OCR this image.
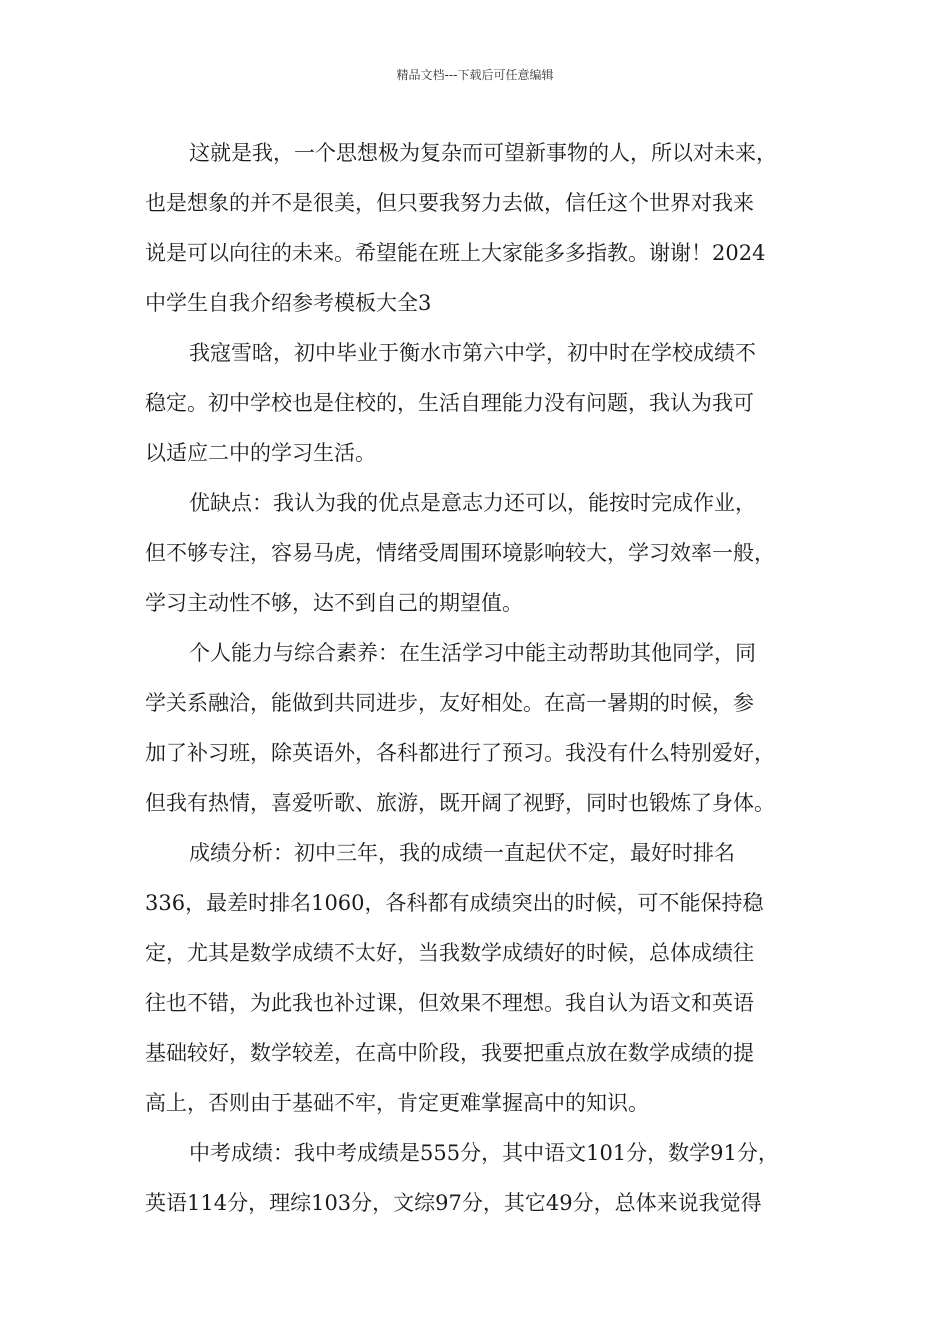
精品文档---下载后可任意编辑
这就是我，一个思想极为复杂而可望新事物的人，所以对未来，
也是想象的并不是很美，但只要我努力去做，信任这个世界对我来
说是可以向往的未来。希望能在班上大家能多多指教。谢谢！2024
中学生自我介绍参考模板大全3
我寇雪晗，初中毕业于衡水市第六中学，初中时在学校成绩不
稳定。初中学校也是住校的，生活自理能力没有问题，我认为我可
以适应二中的学习生活。
优缺点：我认为我的优点是意志力还可以，能按时完成作业，
但不够专注，容易马虎，情绪受周围环境影响较大，学习效率一般，
学习主动性不够，达不到自己的期望值。
个人能力与综合素养：在生活学习中能主动帮助其他同学，同
学关系融洽，能做到共同进步，友好相处。在高一暑期的时候，参
加了补习班，除英语外，各科都进行了预习。我没有什么特别爱好，
但我有热情，喜爱听歌、旅游，既开阔了视野，同时也锻炼了身体。
成绩分析：初中三年，我的成绩一直起伏不定，最好时排名
336，最差时排名1060，各科都有成绩突出的时候，可不能保持稳
定，尤其是数学成绩不太好，当我数学成绩好的时候，总体成绩往
往也不错，为此我也补过课，但效果不理想。我自认为语文和英语
基础较好，数学较差，在高中阶段，我要把重点放在数学成绩的提
高上，否则由于基础不牢，肯定更难掌握高中的知识。
中考成绩：我中考成绩是555分，其中语文101分，数学91分，
英语114分，理综103分，文综97分，其它49分，总体来说我觉得
